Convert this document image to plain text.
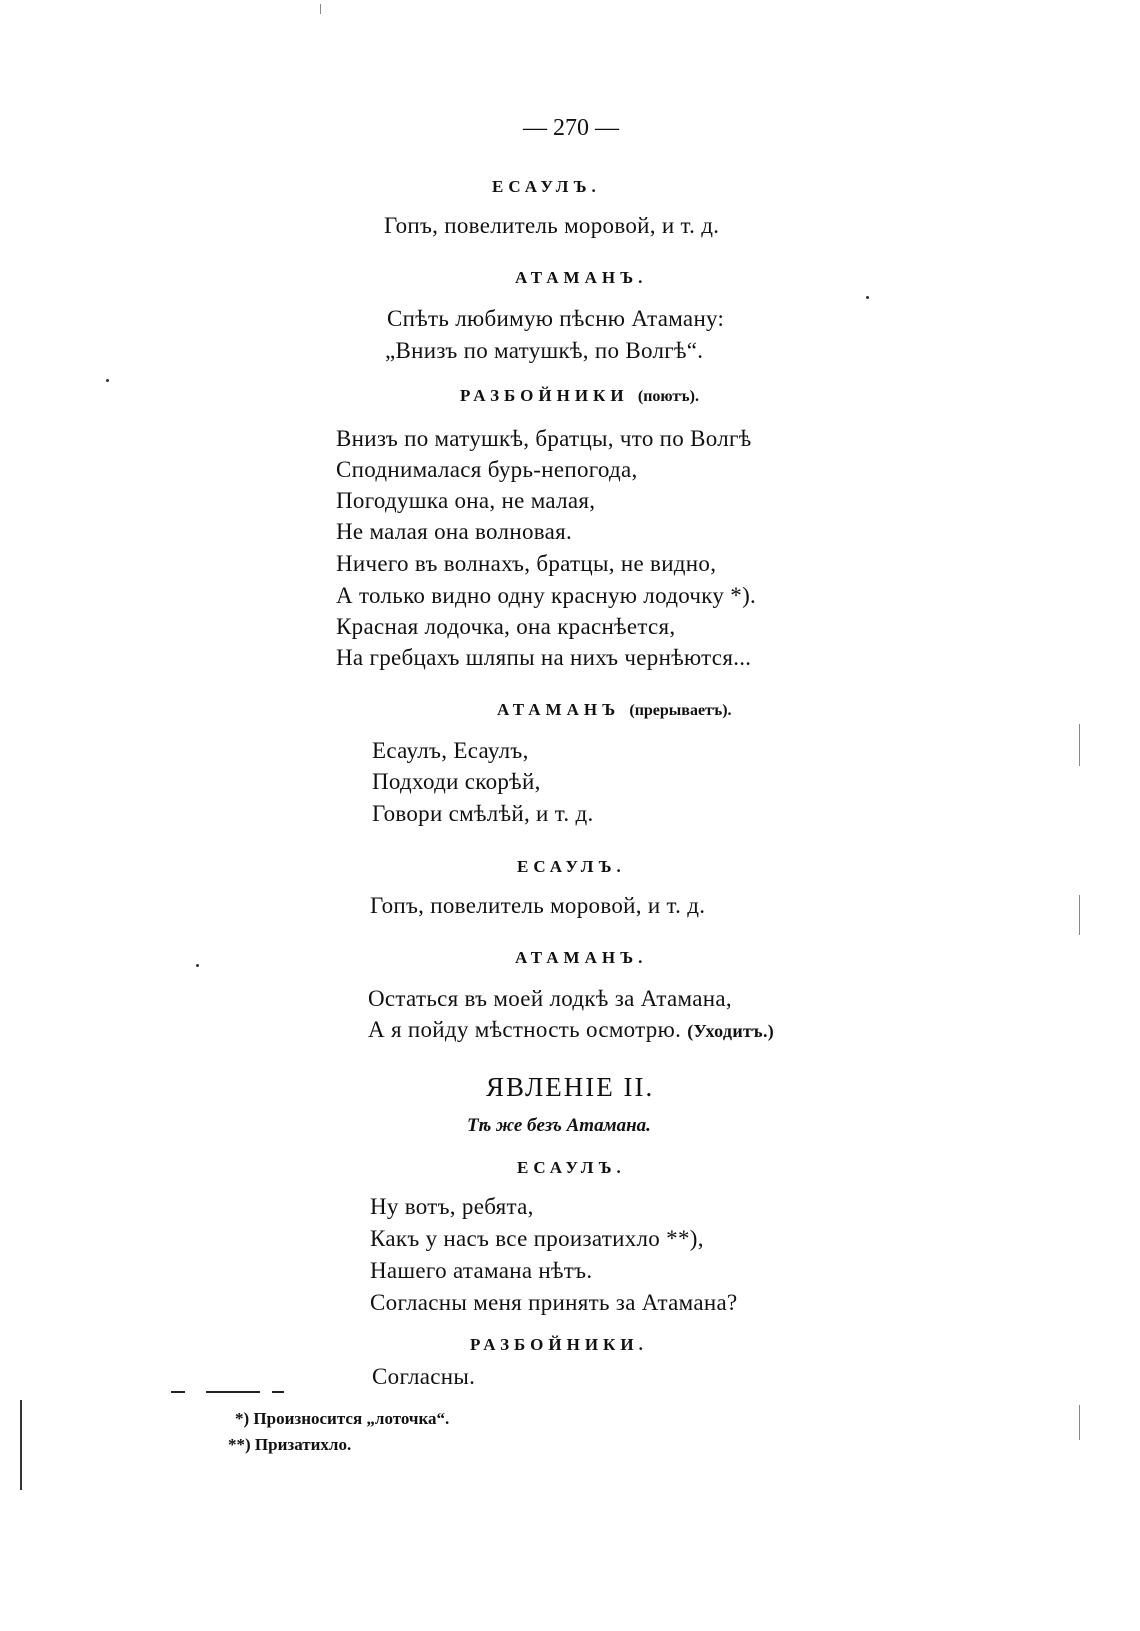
— 270 —
ЕСАУЛЪ.
Гопъ, повелитель моровой, и т. д.
АТАМАНЪ.
Спѣть любимую пѣсню Атаману:
„Внизъ по матушкѣ, по Волгѣ“.
РАЗБОЙНИКИ (поютъ).
Внизъ по матушкѣ, братцы, что по Волгѣ
Споднималася бурь-непогода,
Погодушка она, не малая,
Не малая она волновая.
Ничего въ волнахъ, братцы, не видно,
А только видно одну красную лодочку *).
Красная лодочка, она краснѣется,
На гребцахъ шляпы на нихъ чернѣются...
АТАМАНЪ (прерываетъ).
Есаулъ, Есаулъ,
Подходи скорѣй,
Говори смѣлѣй, и т. д.
ЕСАУЛЪ.
Гопъ, повелитель моровой, и т. д.
АТАМАНЪ.
Остаться въ моей лодкѣ за Атамана,
А я пойду мѣстность осмотрю. (Уходитъ.)
ЯВЛЕНІЕ II.
Тѣ же безъ Атамана.
ЕСАУЛЪ.
Ну вотъ, ребята,
Какъ у насъ все произатихло **),
Нашего атамана нѣтъ.
Согласны меня принять за Атамана?
РАЗБОЙНИКИ.
Согласны.
*) Произносится „лоточка“.
**) Призатихло.
